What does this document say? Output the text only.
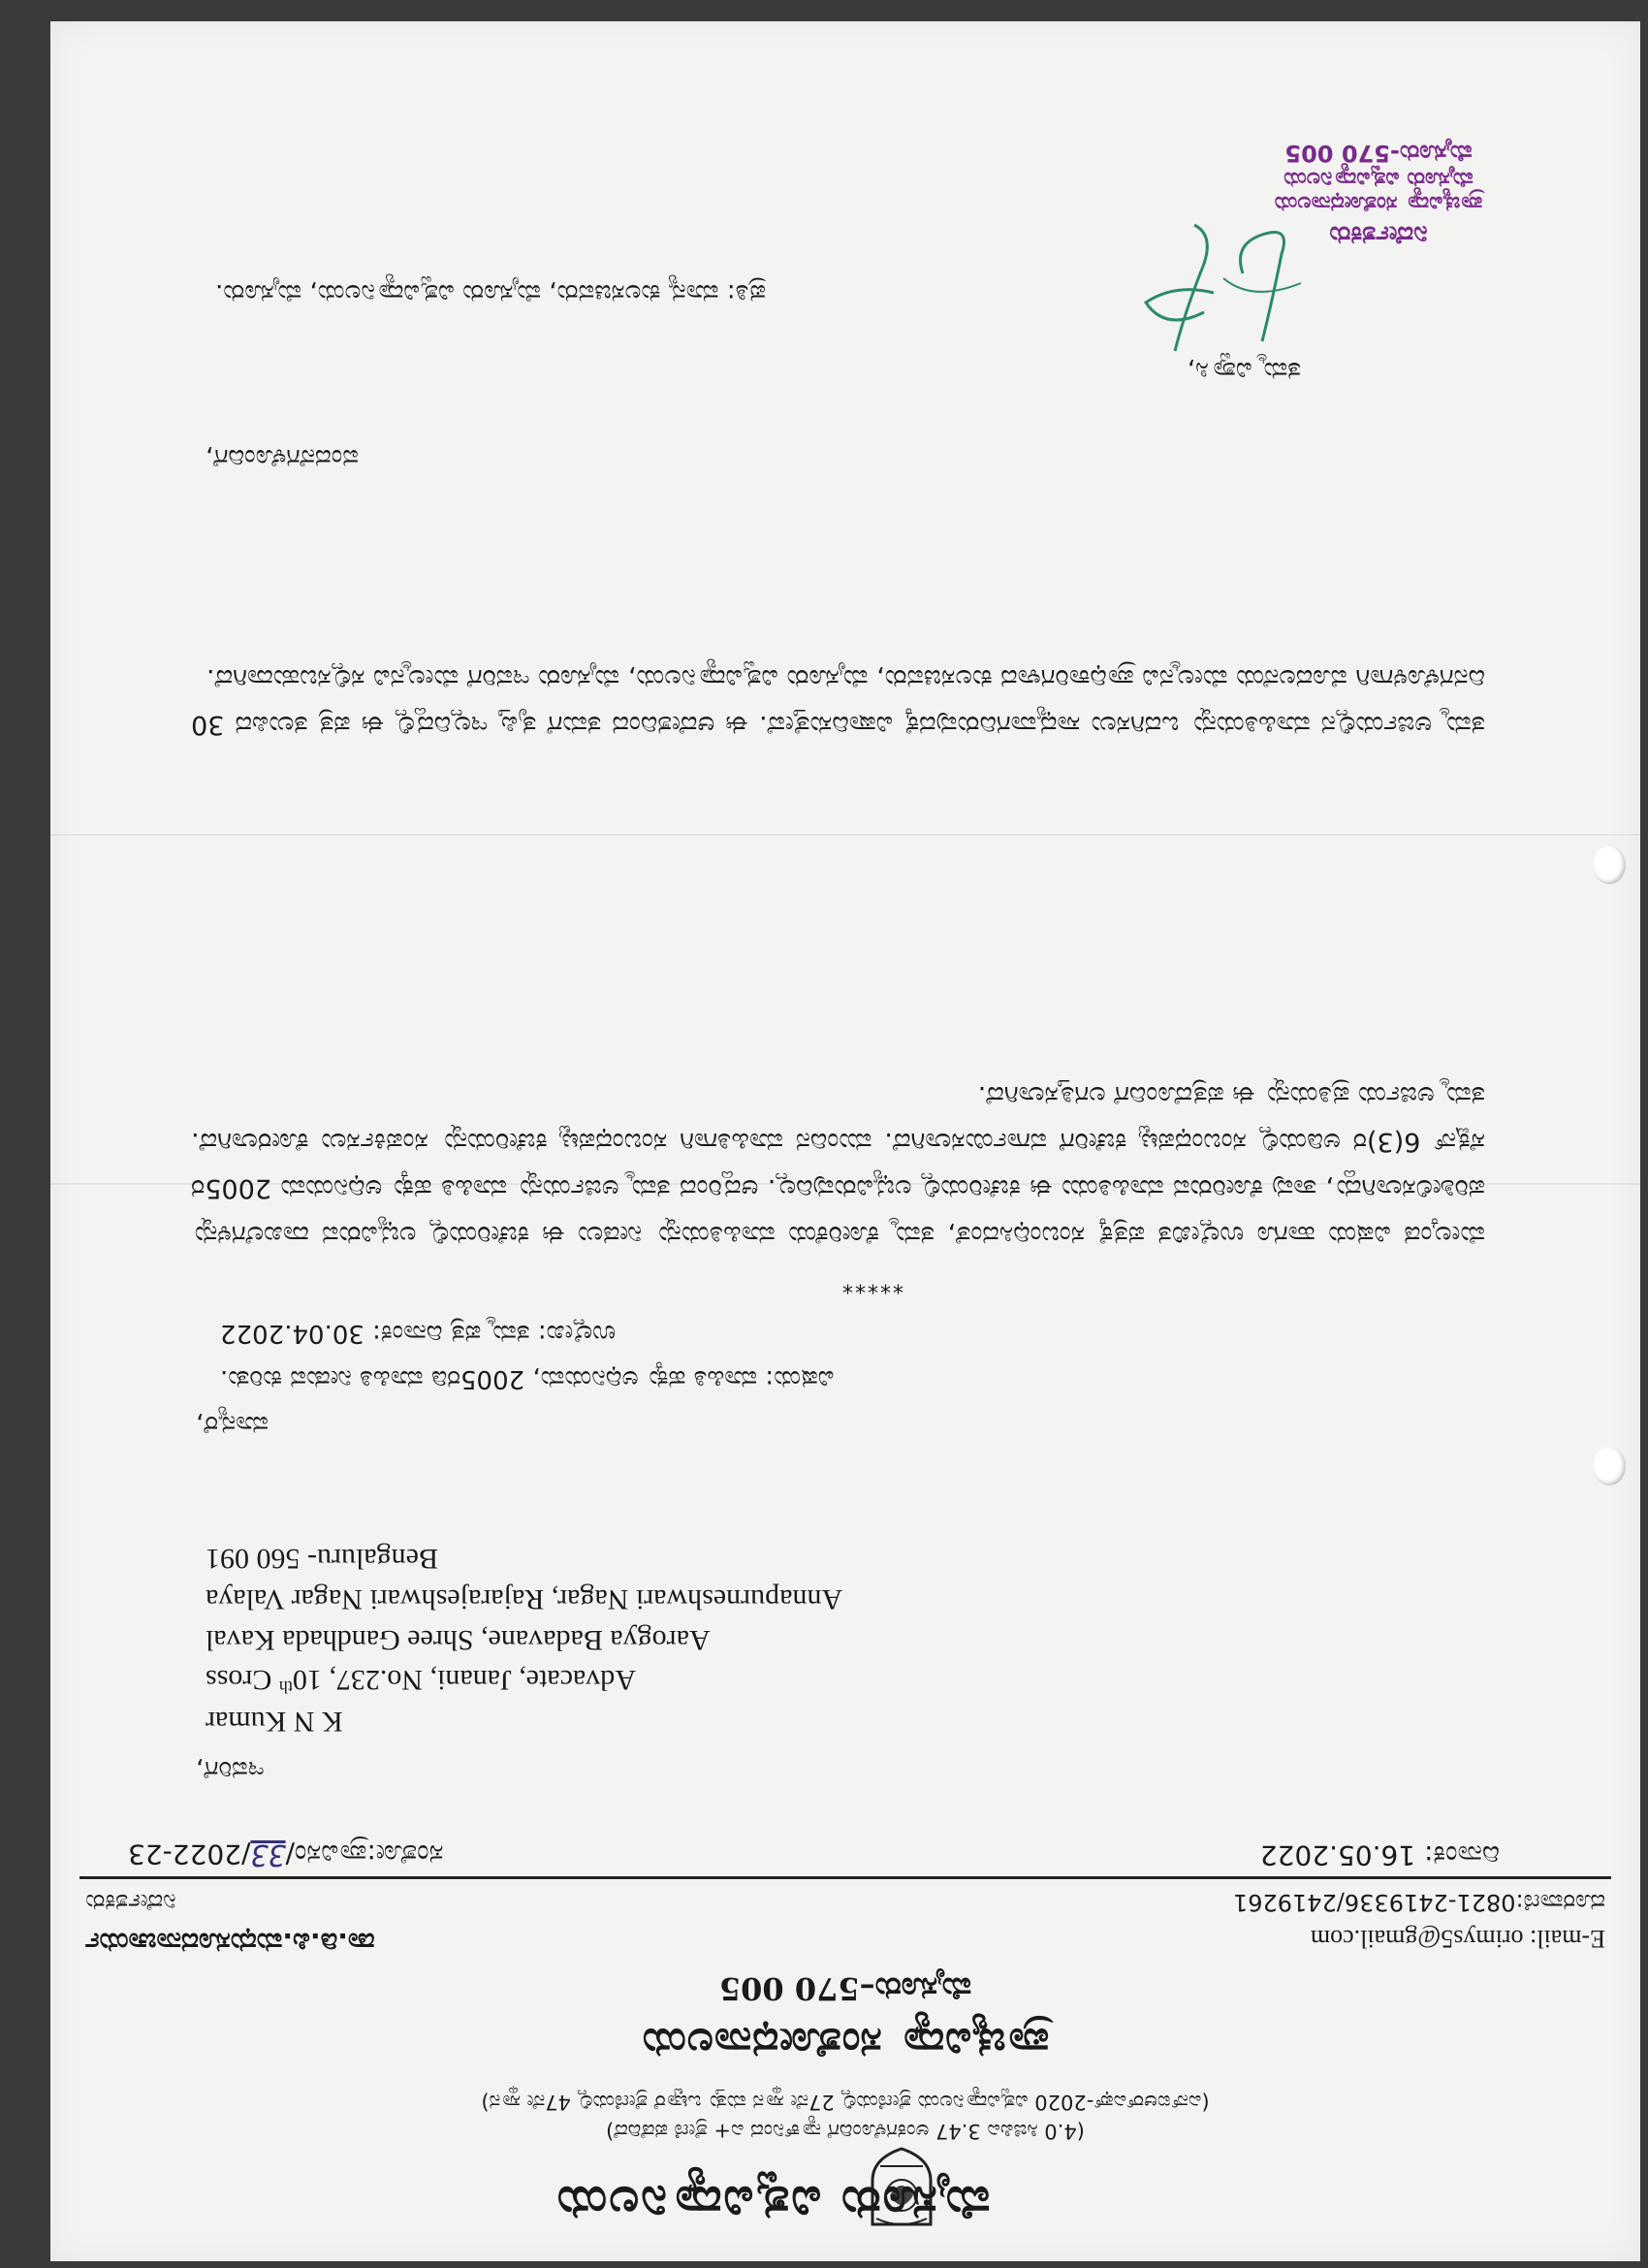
ಮೈಸೂರು ವಿಶ್ವವಿದ್ಯಾನಿಲಯ
(4.0 ಸಿಜಿಪಿಎ 3.47 ಅಂಕಗಳೊಂದಿಗೆ ನ್ಯಾಕ್‌ನಿಂದ ಎ+ ಶ್ರೇಣಿ ಪಡೆದಿದೆ)
(ಎನ್‌ಐಆರ್‌ಎಫ್-2020 ವಿಶ್ವವಿದ್ಯಾನಿಲಯ ಶ್ರೇಣಿಯಲ್ಲಿ 27ನೇ ಸ್ಥಾನ ಮತ್ತು ಒಟ್ಟಾರೆ ಶ್ರೇಣಿಯಲ್ಲಿ 47ನೇ ಸ್ಥಾನ)
ಪ್ರಾಚ್ಯವಿದ್ಯಾ ಸಂಶೋಧನಾಲಯ
ಮೈಸೂರು–570 005
ಡಾ.ಡಿ.ಪಿ.ಮಧುಸೂದನಾಚಾರ್ಯ
ನಿರ್ದೇಶಕರು
E-mail: orimys5@gmail.com
ದೂರವಾಣಿ:0821-2419336/2419261
ಸಂಶೋ:ಪ್ರಾವಿಸಂ/33/2022-23	ದಿನಾಂಕ: 16.05.2022
ಇವರಿಗೆ,
K N Kumar
Advacate, Janani, No.237, 10th Cross
Aarogya Badavane, Shree Gandhada Kaval
Annapurneshwari Nagar, Rajarajeshwari Nagar Valaya
Bengaluru- 560 091
ಮಾನ್ಯರೆ,
ವಿಷಯ: ಮಾಹಿತಿ ಹಕ್ಕು ಅಧಿನಿಯಮ, 2005ರಡಿ ಮಾಹಿತಿ ನೀಡುವ ಕುರಿತು.
ಉಲ್ಲೇಖ: ತಮ್ಮ ಪತ್ರ ದಿನಾಂಕ: 30.04.2022
*****

ಮೇಲ್ಕಂಡ ವಿಷಯ ಹಾಗೂ ಉಲ್ಲೇಖಿತ ಪತ್ರಕ್ಕೆ ಸಂಬಂಧಿಸಿದಂತೆ, ತಮ್ಮ ಕೋರಿಕೆಯ ಮಾಹಿತಿಯನ್ನು ನೀಡಲು ಈ ಕಚೇರಿಯಲ್ಲಿ ಲಭ್ಯವಿರುವ ದಾಖಲೆಗಳನ್ನು ಪರಿಶೀಲಿಸಲಾಗಿದ್ದು, ತಾವು ಕೋರಿರುವ ಮಾಹಿತಿಯು ಈ ಕಚೇರಿಯಲ್ಲಿ ಲಭ್ಯವಿರುವುದಿಲ್ಲ. ಆದ್ದರಿಂದ ತಮ್ಮ ಅರ್ಜಿಯನ್ನು ಮಾಹಿತಿ ಹಕ್ಕು ಅಧಿನಿಯಮ 2005ರ ಸೆಕ್ಷನ್ 6(3)ರ ಅಡಿಯಲ್ಲಿ ಸಂಬಂಧಪಟ್ಟ ಕಚೇರಿಗೆ ವರ್ಗಾಯಿಸಲಾಗಿದೆ. ಮುಂದಿನ ಮಾಹಿತಿಗಾಗಿ ಸಂಬಂಧಪಟ್ಟ ಕಚೇರಿಯನ್ನು ಸಂಪರ್ಕಿಸಲು ಕೋರಲಾಗಿದೆ. ತಮ್ಮ ಅರ್ಜಿಯ ಪ್ರತಿಯನ್ನು ಈ ಪತ್ರದೊಂದಿಗೆ ಲಗತ್ತಿಸಲಾಗಿದೆ.

ತಮ್ಮ ಅರ್ಜಿಯಲ್ಲಿನ ಮಾಹಿತಿಯನ್ನು ಒದಗಿಸಲು ಸಾಧ್ಯವಾಗದಿರುವುದಕ್ಕೆ ವಿಷಾದಿಸುತ್ತೇವೆ. ಈ ಆದೇಶದಿಂದ ತಮಗೆ ತೃಪ್ತಿ ಇಲ್ಲದಿದ್ದಲ್ಲಿ ಈ ಪತ್ರ ತಲುಪಿದ 30 ದಿನಗಳೊಳಗಾಗಿ ಮೊದಲನೆಯ ಮೇಲ್ಮನವಿ ಪ್ರಾಧಿಕಾರಿಗಳಾದ ಕುಲಸಚಿವರು, ಮೈಸೂರು ವಿಶ್ವವಿದ್ಯಾನಿಲಯ, ಮೈಸೂರು ಇವರಿಗೆ ಮೇಲ್ಮನವಿ ಸಲ್ಲಿಸಬಹುದಾಗಿದೆ.

ವಂದನೆಗಳೊಂದಿಗೆ,
ತಮ್ಮ ವಿಶ್ವಾಸಿ,
ಪ್ರತಿ: ಮಾನ್ಯ ಕುಲಸಚಿವರು, ಮೈಸೂರು ವಿಶ್ವವಿದ್ಯಾನಿಲಯ, ಮೈಸೂರು.
ನಿರ್ದೇಶಕರು
ಪ್ರಾಚ್ಯವಿದ್ಯಾ ಸಂಶೋಧನಾಲಯ
ಮೈಸೂರು ವಿಶ್ವವಿದ್ಯಾನಿಲಯ
ಮೈಸೂರು-570 005
